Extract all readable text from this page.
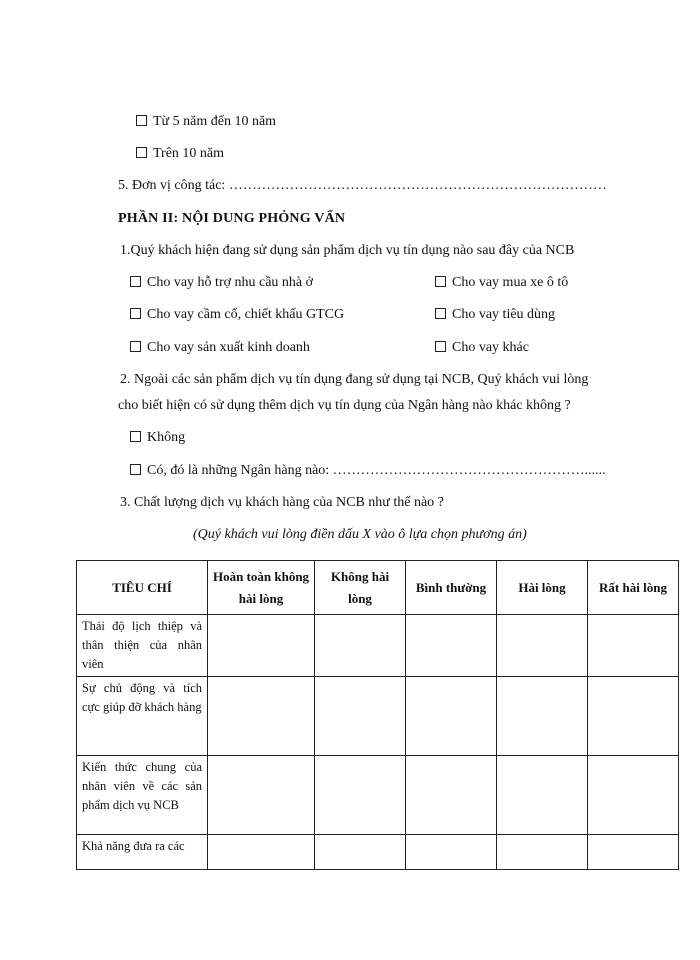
Từ 5 năm đến 10 năm
Trên 10 năm
5. Đơn vị công tác: ………………………………………………………………………
PHẦN II: NỘI DUNG PHỎNG VẤN
1.Quý khách hiện đang sử dụng sản phẩm dịch vụ tín dụng nào sau đây của NCB
Cho vay hỗ trợ nhu cầu nhà ở	Cho vay mua xe ô tô
Cho vay cầm cố, chiết khấu GTCG	Cho vay tiêu dùng
Cho vay sản xuất kinh doanh	Cho vay khác
2. Ngoài các sản phẩm dịch vụ tín dụng đang sử dụng tại NCB, Quý khách vui lòng
cho biết hiện có sử dụng thêm dịch vụ tín dụng của Ngân hàng nào khác không ?
Không
Có, đó là những Ngân hàng nào: ………………………………………………......
3. Chất lượng dịch vụ khách hàng của NCB như thế nào ?
(Quý khách vui lòng điền dấu X vào ô lựa chọn phương án)
TIÊU CHÍ	Hoàn toàn không hài lòng	Không hài lòng	Bình thường	Hài lòng	Rất hài lòng
Thái độ lịch thiệp và thân thiện của nhân viên					
Sự chủ động và tích cực giúp đỡ khách hàng					
Kiến thức chung của nhân viên về các sản phẩm dịch vụ NCB					
Khả năng đưa ra các					
